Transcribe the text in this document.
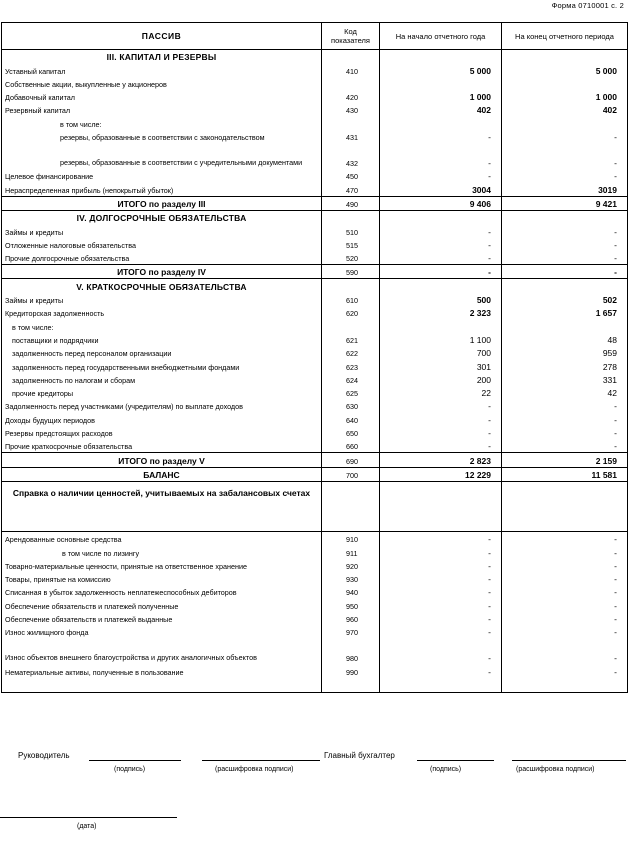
Форма 0710001 с. 2
ПАССИВ	Код показателя	На начало отчетного года	На конец отчетного периода
III. КАПИТАЛ И РЕЗЕРВЫ			
Уставный капитал	410	5 000	5 000
Собственные акции, выкупленные у акционеров			
Добавочный капитал	420	1 000	1 000
Резервный капитал	430	402	402
в том числе:			
резервы, образованные в соответствии с законодательством	431	-	-
резервы, образованные в соответствии с учредительными документами	432	-	-
Целевое финансирование	450	-	-
Нераспределенная прибыль (непокрытый убыток)	470	3004	3019
ИТОГО по разделу III	490	9 406	9 421
IV. ДОЛГОСРОЧНЫЕ ОБЯЗАТЕЛЬСТВА			
Займы и кредиты	510	-	-
Отложенные налоговые обязательства	515	-	-
Прочие долгосрочные обязательства	520	-	-
ИТОГО по разделу IV	590	-	-
V. КРАТКОСРОЧНЫЕ ОБЯЗАТЕЛЬСТВА			
Займы и кредиты	610	500	502
Кредиторская задолженность	620	2 323	1 657
в том числе:			
поставщики и подрядчики	621	1 100	48
задолженность перед персоналом организации	622	700	959
задолженность перед государственными внебюджетными фондами	623	301	278
задолженность по налогам и сборам	624	200	331
прочие кредиторы	625	22	42
Задолженность перед участниками (учредителям) по выплате доходов	630	-	-
Доходы будущих периодов	640	-	-
Резервы предстоящих расходов	650	-	-
Прочие краткосрочные обязательства	660	-	-
ИТОГО по разделу V	690	2 823	2 159
БАЛАНС	700	12 229	11 581
Справка о наличии ценностей, учитываемых на забалансовых счетах			
Арендованные основные средства	910	-	-
в том числе по лизингу	911	-	-
Товарно-материальные ценности, принятые на ответственное хранение	920	-	-
Товары, принятые на комиссию	930	-	-
Списанная в убыток задолженность неплатежеспособных дебиторов	940	-	-
Обеспечение обязательств и платежей полученные	950	-	-
Обеспечение обязательств и платежей выданные	960	-	-
Износ жилищного фонда	970	-	-
Износ объектов внешнего благоустройства и других аналогичных объектов	980	-	-
Нематериальные активы, полученные в пользование	990	-	-

Руководитель
(подпись)	(расшифровка подписи)
Главный бухгалтер
(подпись)	(расшифровка подписи)
(дата)
